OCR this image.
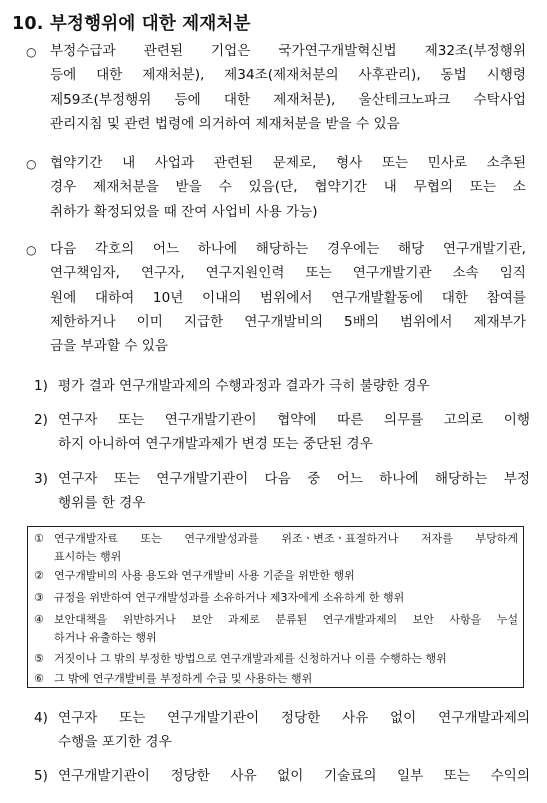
10. 부정행위에 대한 제재처분
○ 부정수급과 관련된 기업은 국가연구개발혁신법 제32조(부정행위
등에 대한 제재처분), 제34조(제재처분의 사후관리), 동법 시행령
제59조(부정행위 등에 대한 제재처분), 울산테크노파크 수탁사업
관리지침 및 관련 법령에 의거하여 제재처분을 받을 수 있음
○ 협약기간 내 사업과 관련된 문제로, 형사 또는 민사로 소추된
경우 제재처분을 받을 수 있음(단, 협약기간 내 무협의 또는 소
취하가 확정되었을 때 잔여 사업비 사용 가능)
○ 다음 각호의 어느 하나에 해당하는 경우에는 해당 연구개발기관,
연구책임자, 연구자, 연구지원인력 또는 연구개발기관 소속 임직
원에 대하여 10년 이내의 범위에서 연구개발활동에 대한 참여를
제한하거나 이미 지급한 연구개발비의 5배의 범위에서 제재부가
금을 부과할 수 있음
1) 평가 결과 연구개발과제의 수행과정과 결과가 극히 불량한 경우
2) 연구자 또는 연구개발기관이 협약에 따른 의무를 고의로 이행
하지 아니하여 연구개발과제가 변경 또는 중단된 경우
3) 연구자 또는 연구개발기관이 다음 중 어느 하나에 해당하는 부정
행위를 한 경우
① 연구개발자료 또는 연구개발성과를 위조ㆍ변조ㆍ표절하거나 저자를 부당하게
표시하는 행위
② 연구개발비의 사용 용도와 연구개발비 사용 기준을 위반한 행위
③ 규정을 위반하여 연구개발성과를 소유하거나 제3자에게 소유하게 한 행위
④ 보안대책을 위반하거나 보안 과제로 분류된 연구개발과제의 보안 사항을 누설
하거나 유출하는 행위
⑤ 거짓이나 그 밖의 부정한 방법으로 연구개발과제를 신청하거나 이를 수행하는 행위
⑥ 그 밖에 연구개발비를 부정하게 수급 및 사용하는 행위
4) 연구자 또는 연구개발기관이 정당한 사유 없이 연구개발과제의
수행을 포기한 경우
5) 연구개발기관이 정당한 사유 없이 기술료의 일부 또는 수익의
